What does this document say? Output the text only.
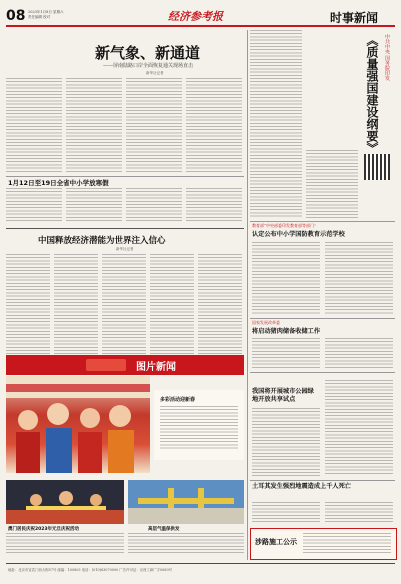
08 2023年1月8日 星期六
责任编辑 校对	经济参考报	时事新闻
新气象、新通道
——屏南陆路口岸全面恢复通关现场直击
新华社记者
1月12日至19日全省中小学放寒假
中国释放经济潜能为世界注入信心
新华社记者
图片新闻
多彩活动迎新春
澳门居民庆祝2023年元旦庆祝活动	高层气温保供发
中共中央 国务院印发
《质量强国建设纲要》
教育部“中央部委印发教育部等部门”
认定公布中小学国防教育示范学校
国家发展改革委
将启动猪肉储备收储工作
我国将开展城市公园绿地开放共享试点
土耳其发生强烈地震造成上千人死亡
涉路施工公示
地址：北京市宣武门西大街57号 邮编：100803 电话：(010)63070000 广告许可证：京西工商广字0080号
